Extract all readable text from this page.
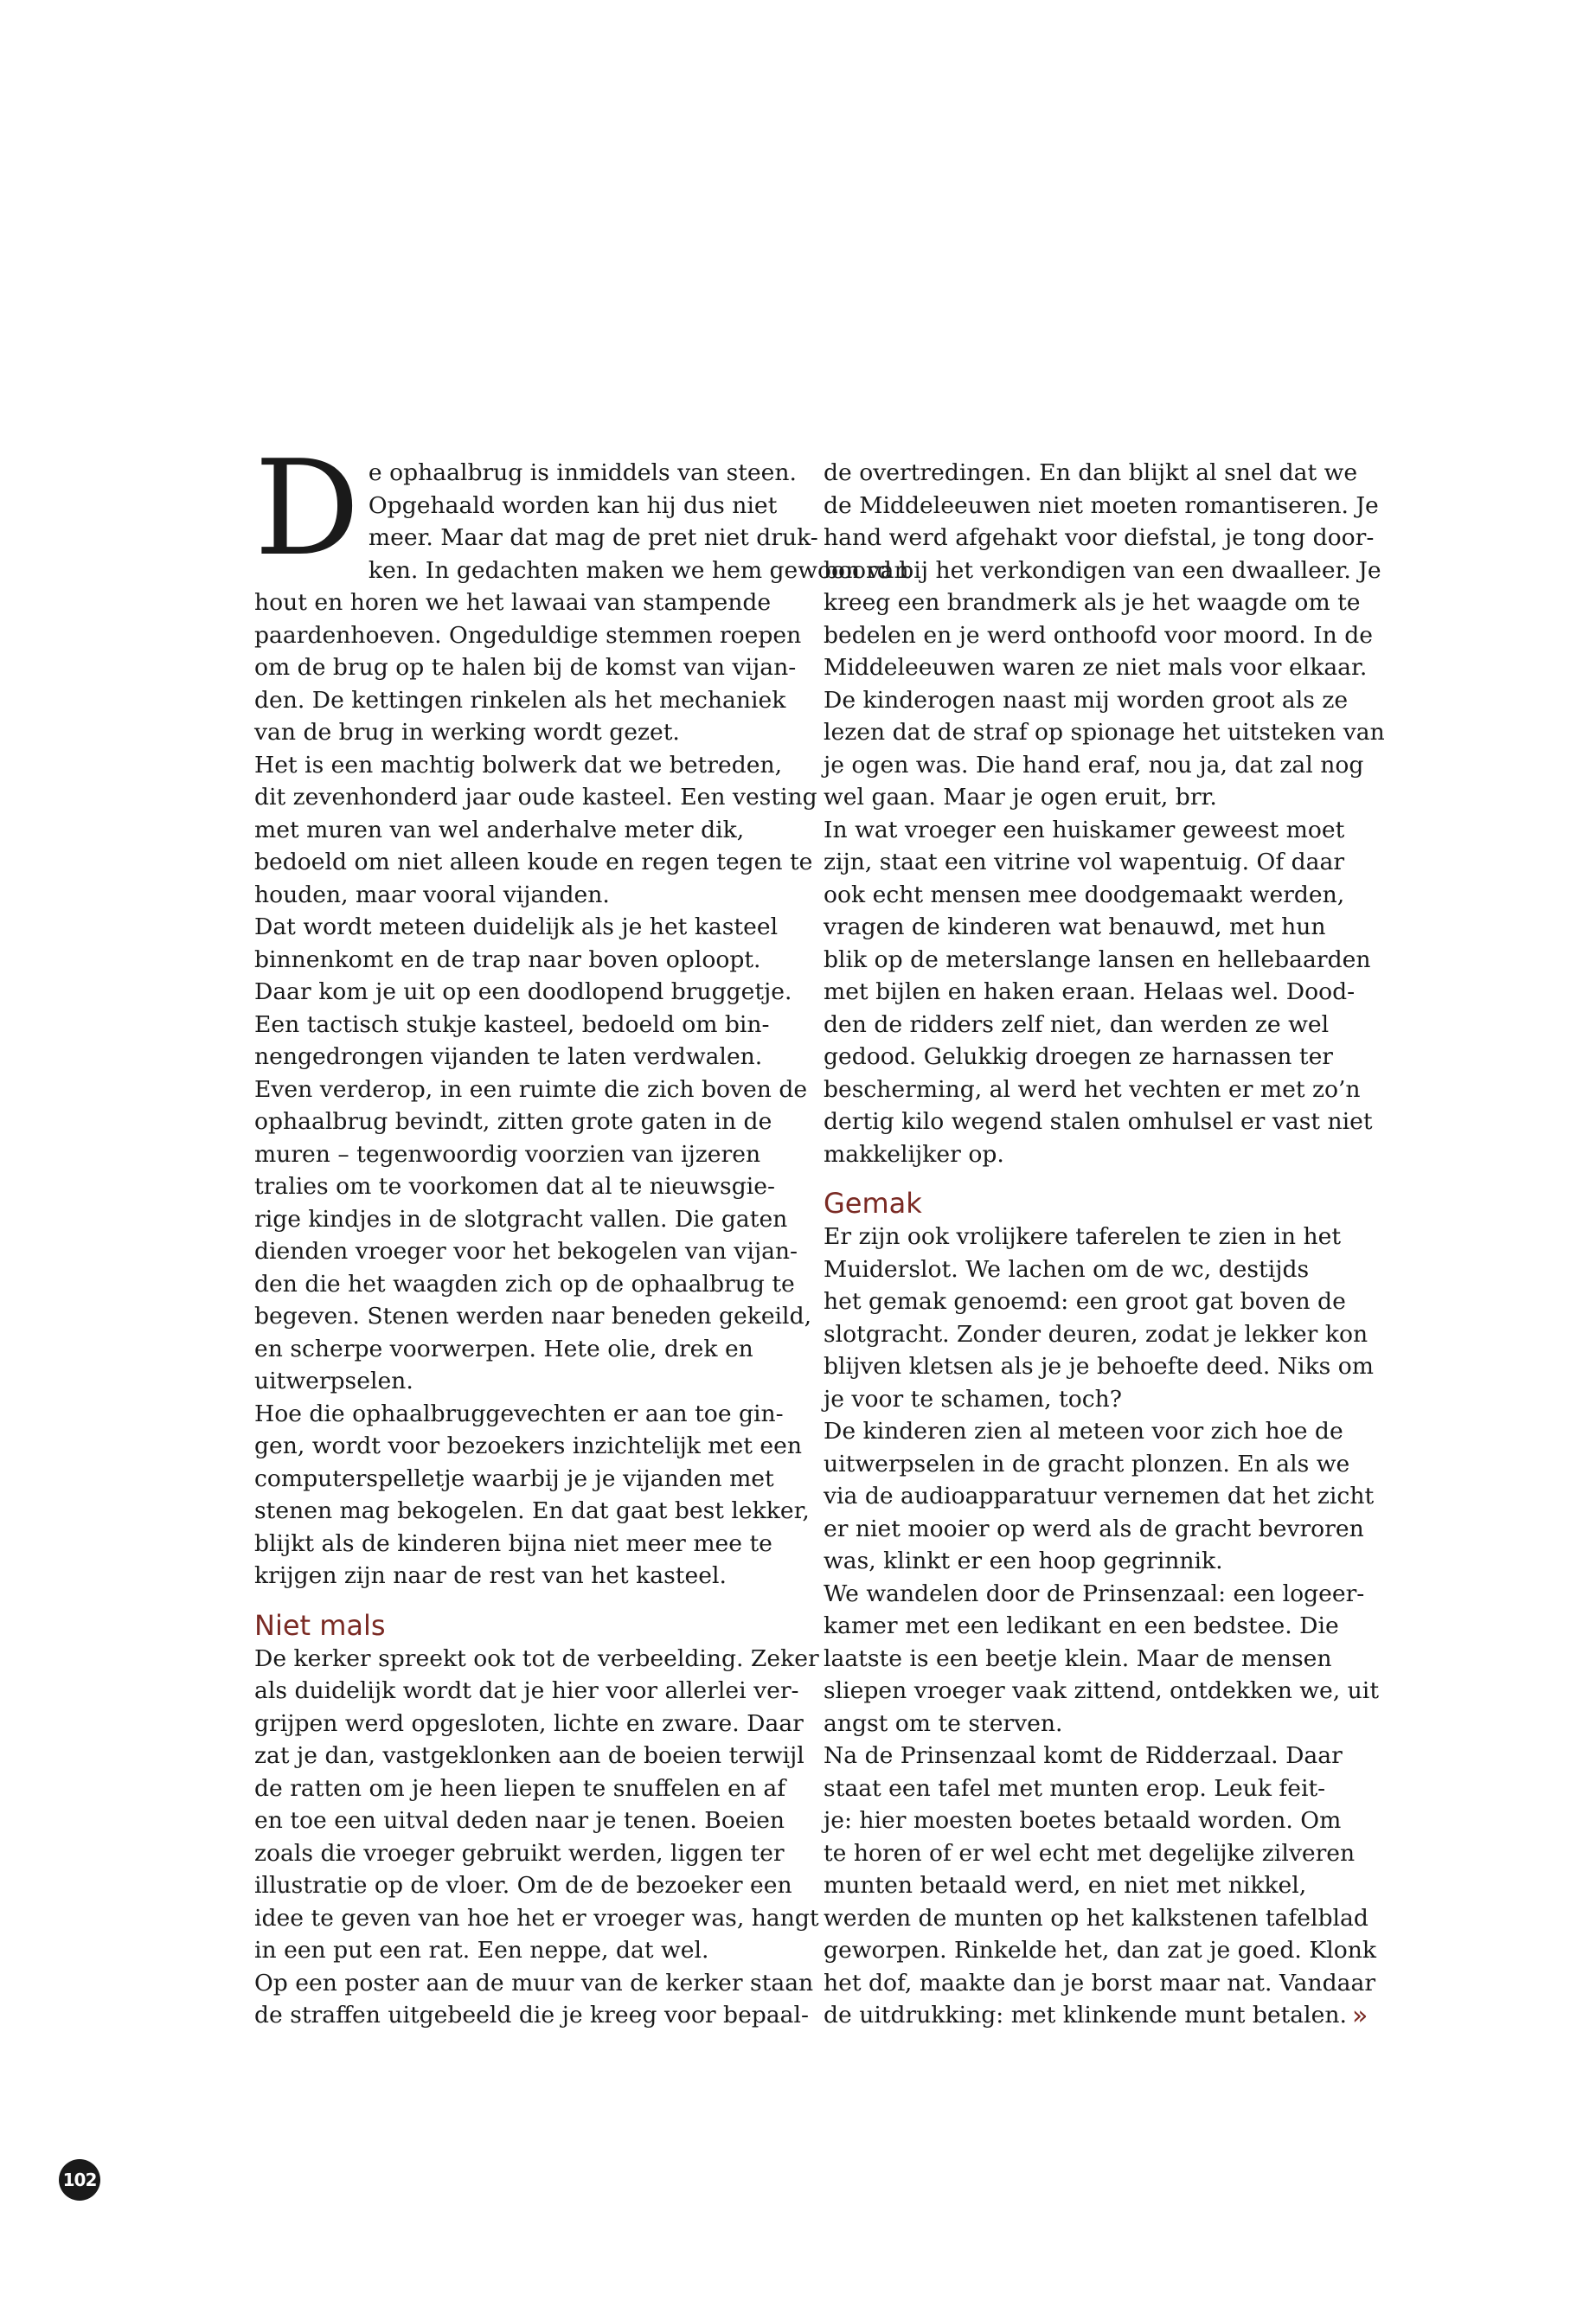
D e ophaalbrug is inmiddels van steen.
Opgehaald worden kan hij dus niet
meer. Maar dat mag de pret niet druk-
ken. In gedachten maken we hem gewoon van
hout en horen we het lawaai van stampende
paardenhoeven. Ongeduldige stemmen roepen
om de brug op te halen bij de komst van vijan-
den. De kettingen rinkelen als het mechaniek
van de brug in werking wordt gezet.
Het is een machtig bolwerk dat we betreden,
dit zevenhonderd jaar oude kasteel. Een vesting
met muren van wel anderhalve meter dik,
bedoeld om niet alleen koude en regen tegen te
houden, maar vooral vijanden.
Dat wordt meteen duidelijk als je het kasteel
binnenkomt en de trap naar boven oploopt.
Daar kom je uit op een doodlopend bruggetje.
Een tactisch stukje kasteel, bedoeld om bin-
nengedrongen vijanden te laten verdwalen.
Even verderop, in een ruimte die zich boven de
ophaalbrug bevindt, zitten grote gaten in de
muren – tegenwoordig voorzien van ijzeren
tralies om te voorkomen dat al te nieuwsgie-
rige kindjes in de slotgracht vallen. Die gaten
dienden vroeger voor het bekogelen van vijan-
den die het waagden zich op de ophaalbrug te
begeven. Stenen werden naar beneden gekeild,
en scherpe voorwerpen. Hete olie, drek en
uitwerpselen.
Hoe die ophaalbruggevechten er aan toe gin-
gen, wordt voor bezoekers inzichtelijk met een
computerspelletje waarbij je je vijanden met
stenen mag bekogelen. En dat gaat best lekker,
blijkt als de kinderen bijna niet meer mee te
krijgen zijn naar de rest van het kasteel.
Niet mals
De kerker spreekt ook tot de verbeelding. Zeker
als duidelijk wordt dat je hier voor allerlei ver-
grijpen werd opgesloten, lichte en zware. Daar
zat je dan, vastgeklonken aan de boeien terwijl
de ratten om je heen liepen te snuffelen en af
en toe een uitval deden naar je tenen. Boeien
zoals die vroeger gebruikt werden, liggen ter
illustratie op de vloer. Om de de bezoeker een
idee te geven van hoe het er vroeger was, hangt
in een put een rat. Een neppe, dat wel.
Op een poster aan de muur van de kerker staan
de straffen uitgebeeld die je kreeg voor bepaal-
de overtredingen. En dan blijkt al snel dat we
de Middeleeuwen niet moeten romantiseren. Je
hand werd afgehakt voor diefstal, je tong door-
boord bij het verkondigen van een dwaalleer. Je
kreeg een brandmerk als je het waagde om te
bedelen en je werd onthoofd voor moord. In de
Middeleeuwen waren ze niet mals voor elkaar.
De kinderogen naast mij worden groot als ze
lezen dat de straf op spionage het uitsteken van
je ogen was. Die hand eraf, nou ja, dat zal nog
wel gaan. Maar je ogen eruit, brr.
In wat vroeger een huiskamer geweest moet
zijn, staat een vitrine vol wapentuig. Of daar
ook echt mensen mee doodgemaakt werden,
vragen de kinderen wat benauwd, met hun
blik op de meterslange lansen en hellebaarden
met bijlen en haken eraan. Helaas wel. Dood-
den de ridders zelf niet, dan werden ze wel
gedood. Gelukkig droegen ze harnassen ter
bescherming, al werd het vechten er met zo’n
dertig kilo wegend stalen omhulsel er vast niet
makkelijker op.
Gemak
Er zijn ook vrolijkere taferelen te zien in het
Muiderslot. We lachen om de wc, destijds
het gemak genoemd: een groot gat boven de
slotgracht. Zonder deuren, zodat je lekker kon
blijven kletsen als je je behoefte deed. Niks om
je voor te schamen, toch?
De kinderen zien al meteen voor zich hoe de
uitwerpselen in de gracht plonzen. En als we
via de audioapparatuur vernemen dat het zicht
er niet mooier op werd als de gracht bevroren
was, klinkt er een hoop gegrinnik.
We wandelen door de Prinsenzaal: een logeer-
kamer met een ledikant en een bedstee. Die
laatste is een beetje klein. Maar de mensen
sliepen vroeger vaak zittend, ontdekken we, uit
angst om te sterven.
Na de Prinsenzaal komt de Ridderzaal. Daar
staat een tafel met munten erop. Leuk feit-
je: hier moesten boetes betaald worden. Om
te horen of er wel echt met degelijke zilveren
munten betaald werd, en niet met nikkel,
werden de munten op het kalkstenen tafelblad
geworpen. Rinkelde het, dan zat je goed. Klonk
het dof, maakte dan je borst maar nat. Vandaar
de uitdrukking: met klinkende munt betalen. »
102
